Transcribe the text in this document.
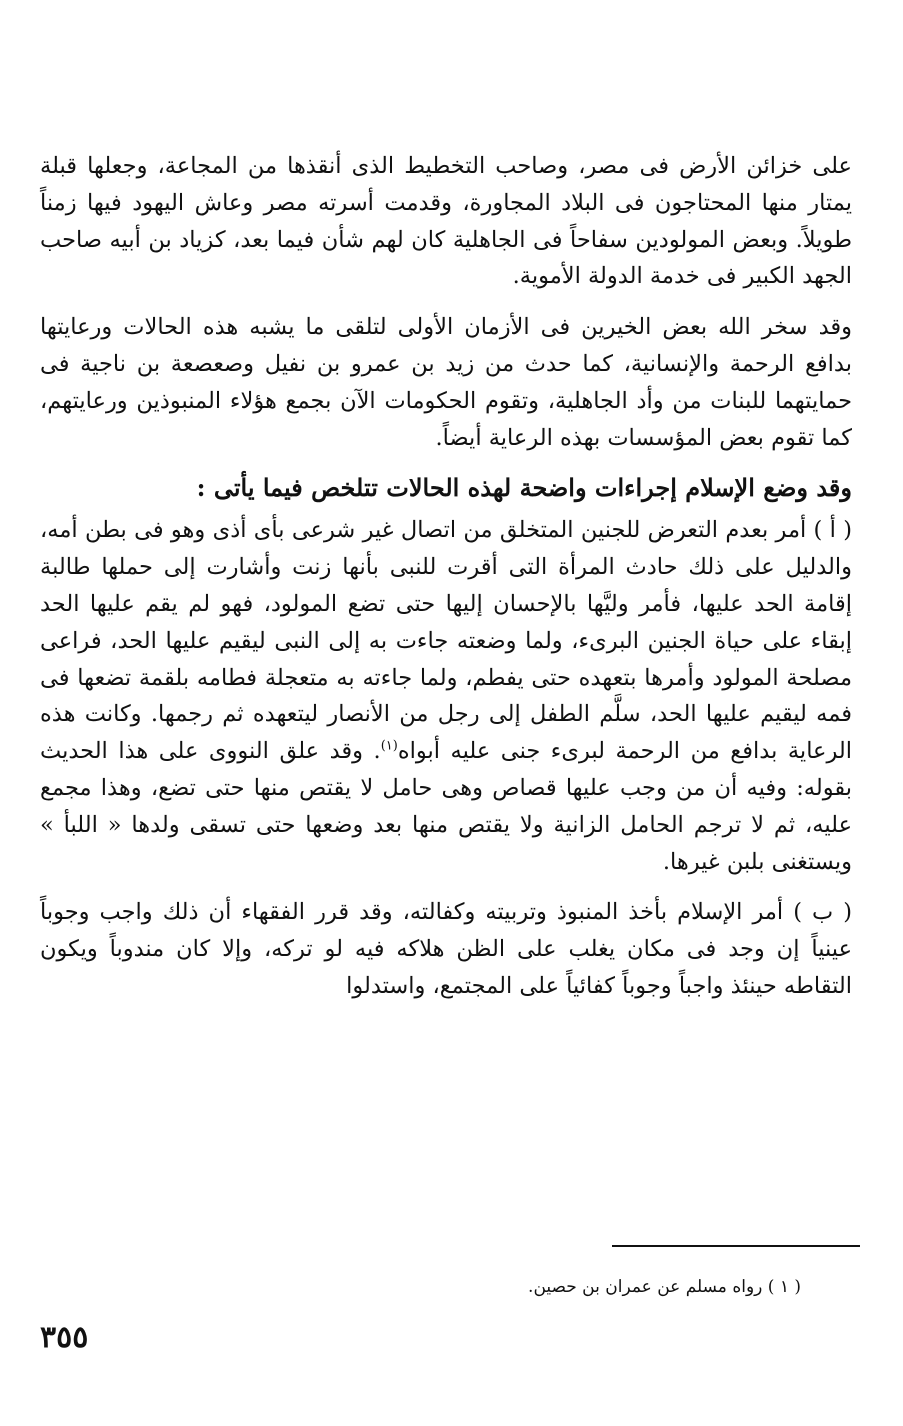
على خزائن الأرض فى مصر، وصاحب التخطيط الذى أنقذها من المجاعة، وجعلها قبلة يمتار منها المحتاجون فى البلاد المجاورة، وقدمت أسرته مصر وعاش اليهود فيها زمناً طويلاً. وبعض المولودين سفاحاً فى الجاهلية كان لهم شأن فيما بعد، كزياد بن أبيه صاحب الجهد الكبير فى خدمة الدولة الأموية.

وقد سخر الله بعض الخيرين فى الأزمان الأولى لتلقى ما يشبه هذه الحالات ورعايتها بدافع الرحمة والإنسانية، كما حدث من زيد بن عمرو بن نفيل وصعصعة بن ناجية فى حمايتهما للبنات من وأد الجاهلية، وتقوم الحكومات الآن بجمع هؤلاء المنبوذين ورعايتهم، كما تقوم بعض المؤسسات بهذه الرعاية أيضاً.

وقد وضع الإسلام إجراءات واضحة لهذه الحالات تتلخص فيما يأتى :

( أ ) أمر بعدم التعرض للجنين المتخلق من اتصال غير شرعى بأى أذى وهو فى بطن أمه، والدليل على ذلك حادث المرأة التى أقرت للنبى بأنها زنت وأشارت إلى حملها طالبة إقامة الحد عليها، فأمر وليَّها بالإحسان إليها حتى تضع المولود، فهو لم يقم عليها الحد إبقاء على حياة الجنين البرىء، ولما وضعته جاءت به إلى النبى ليقيم عليها الحد، فراعى مصلحة المولود وأمرها بتعهده حتى يفطم، ولما جاءته به متعجلة فطامه بلقمة تضعها فى فمه ليقيم عليها الحد، سلَّم الطفل إلى رجل من الأنصار ليتعهده ثم رجمها. وكانت هذه الرعاية بدافع من الرحمة لبرىء جنى عليه أبواه$^{(١)}$. وقد علق النووى على هذا الحديث بقوله: وفيه أن من وجب عليها قصاص وهى حامل لا يقتص منها حتى تضع، وهذا مجمع عليه، ثم لا ترجم الحامل الزانية ولا يقتص منها بعد وضعها حتى تسقى ولدها « اللبأ » ويستغنى بلبن غيرها.

( ب ) أمر الإسلام بأخذ المنبوذ وتربيته وكفالته، وقد قرر الفقهاء أن ذلك واجب وجوباً عينياً إن وجد فى مكان يغلب على الظن هلاكه فيه لو تركه، وإلا كان مندوباً ويكون التقاطه حينئذ واجباً وجوباً كفائياً على المجتمع، واستدلوا

( ١ ) رواه مسلم عن عمران بن حصين.
٣٥٥
